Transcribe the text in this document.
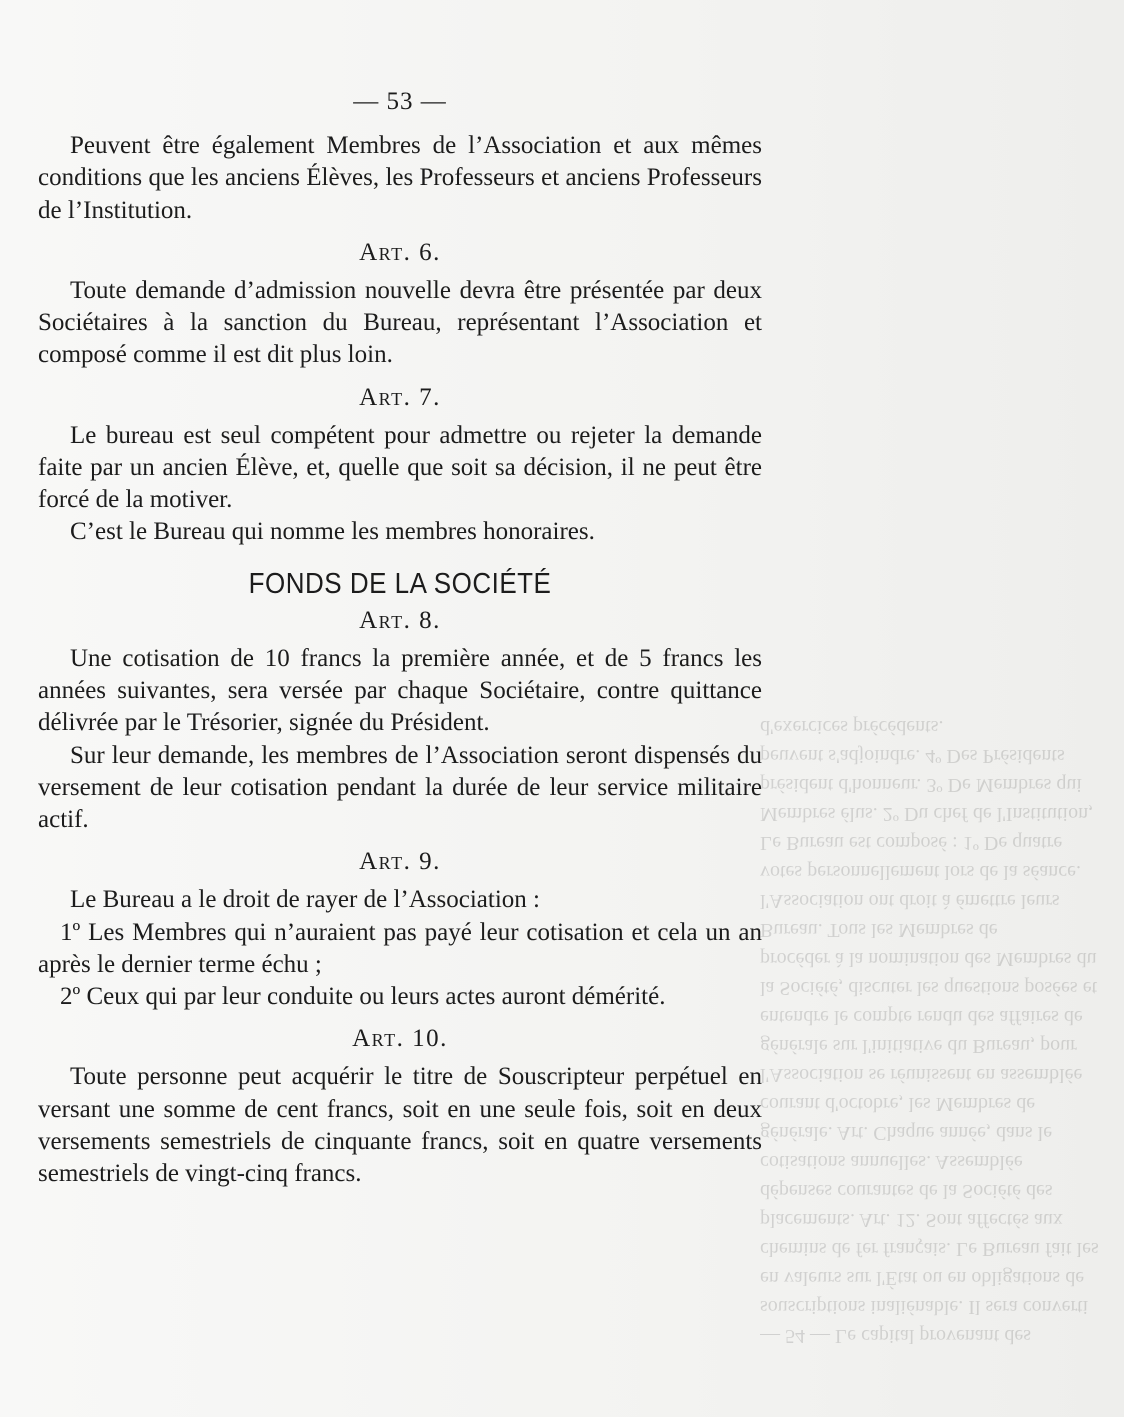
— 54 — Le capital provenant des souscriptions inaliénable. Il sera converti en valeurs sur l'État ou en obligations de chemins de fer français. Le Bureau fait les placements. Art. 12. Sont affectés aux dépenses courantes de la Société des cotisations annuelles. Assemblée générale. Art. Chaque année, dans le courant d'octobre, les Membres de l'Association se réunissent en assemblée générale sur l'initiative du Bureau, pour entendre le compte rendu des affaires de la Société, discuter les questions posées et procéder à la nomination des Membres du Bureau. Tous les Membres de l'Association ont droit à émettre leurs votes personnellement lors de la séance. Le Bureau est composé : 1º De quatre Membres élus. 2º Du chef de l'Institution, président d'honneur. 3º De Membres qui peuvent s'adjoindre. 4º Des Présidents d'exercices précédents.
— 53 —

Peuvent être également Membres de l’Association et aux mêmes conditions que les anciens Élèves, les Professeurs et anciens Professeurs de l’Institution.

Art. 6.

Toute demande d’admission nouvelle devra être présentée par deux Sociétaires à la sanction du Bureau, représentant l’Association et composé comme il est dit plus loin.

Art. 7.

Le bureau est seul compétent pour admettre ou rejeter la demande faite par un ancien Élève, et, quelle que soit sa décision, il ne peut être forcé de la motiver.

C’est le Bureau qui nomme les membres honoraires.

FONDS DE LA SOCIÉTÉ
Art. 8.

Une cotisation de 10 francs la première année, et de 5 francs les années suivantes, sera versée par chaque Sociétaire, contre quittance délivrée par le Trésorier, signée du Président.

Sur leur demande, les membres de l’Association seront dispensés du versement de leur cotisation pendant la durée de leur service militaire actif.

Art. 9.

Le Bureau a le droit de rayer de l’Association :

1º Les Membres qui n’auraient pas payé leur cotisation et cela un an après le dernier terme échu ;

2º Ceux qui par leur conduite ou leurs actes auront démérité.

Art. 10.

Toute personne peut acquérir le titre de Souscripteur perpétuel en versant une somme de cent francs, soit en une seule fois, soit en deux versements semestriels de cinquante francs, soit en quatre versements semestriels de vingt-cinq francs.
